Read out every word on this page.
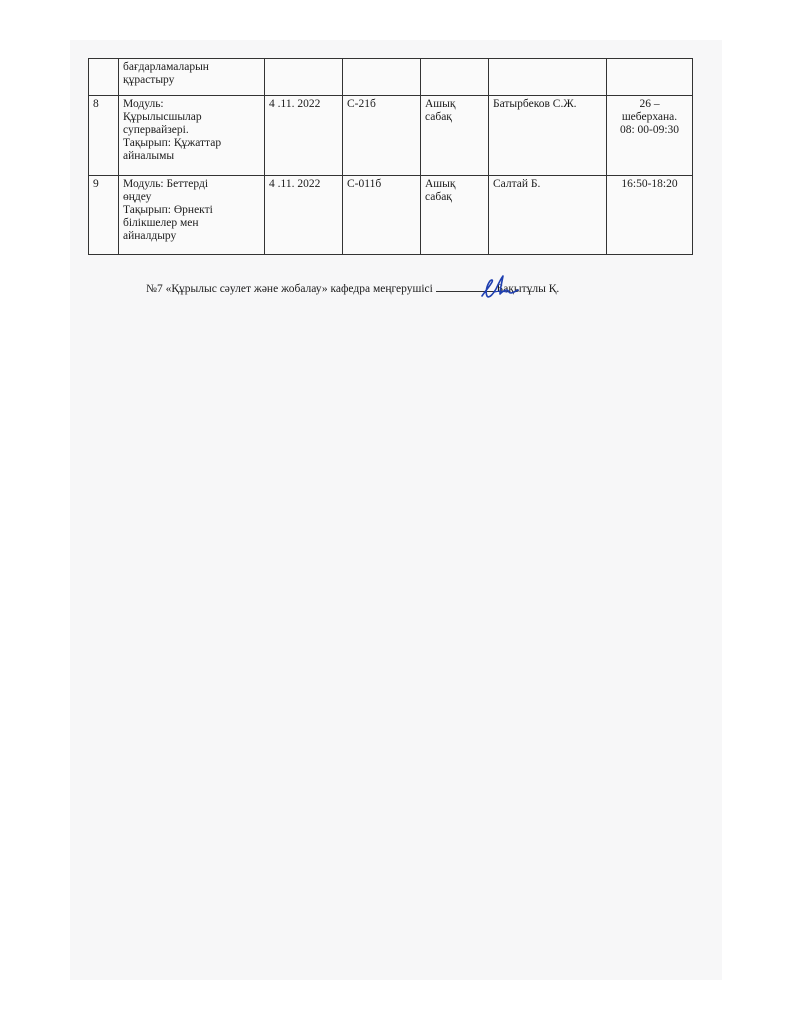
	бағдарламаларын
құрастыру					

8	Модуль:
Құрылысшылар
супервайзері.
Тақырып: Құжаттар
айналымы	4 .11. 2022	С-21б	Ашық
сабақ	Батырбеков С.Ж.	26 –
шеберхана.
08: 00-09:30

9	Модуль: Беттерді
өңдеу
Тақырып: Өрнекті
білікшелер мен
айналдыру	4 .11. 2022	С-011б	Ашық
сабақ	Салтай Б.	16:50-18:20
№7 «Құрылыс сәулет және жобалау» кафедра меңгерушісі	Бақытұлы Қ.
